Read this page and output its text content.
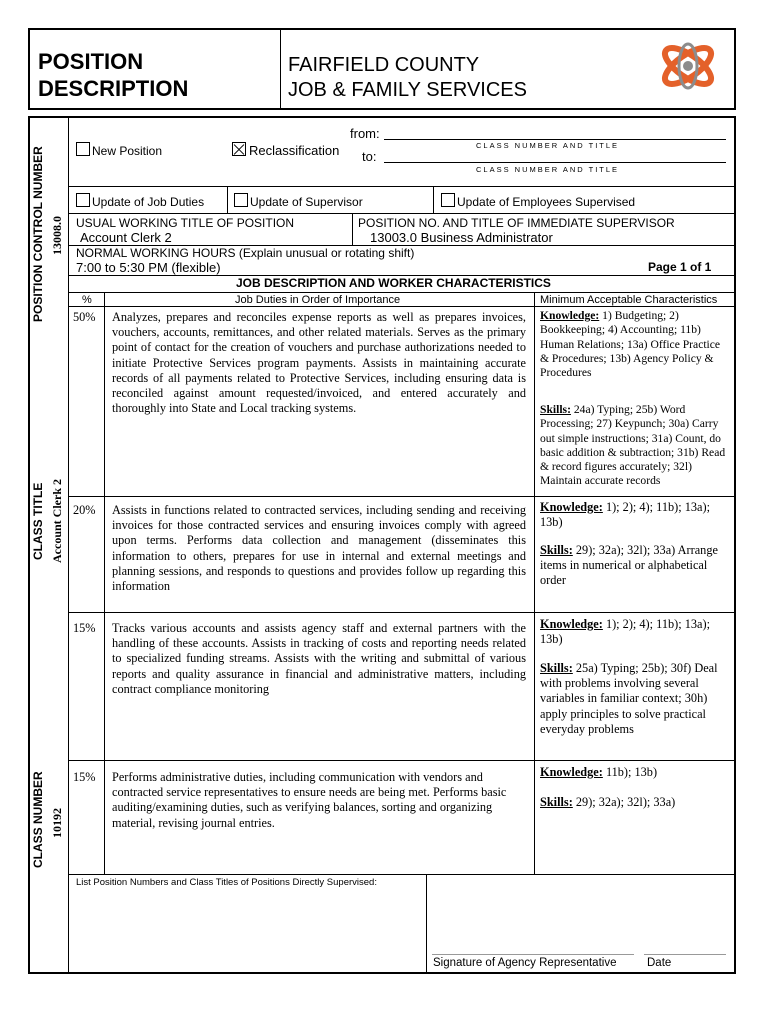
POSITION
DESCRIPTION
FAIRFIELD COUNTY
JOB & FAMILY SERVICES
POSITION CONTROL NUMBER 13008.0
CLASS TITLE Account Clerk 2
CLASS NUMBER 10192
New Position	Reclassification
from:
CLASS NUMBER AND TITLE
to:
CLASS NUMBER AND TITLE
Update of Job Duties	Update of Supervisor	Update of Employees Supervised
USUAL WORKING TITLE OF POSITION
Account Clerk 2
POSITION NO. AND TITLE OF IMMEDIATE SUPERVISOR
13003.0 Business Administrator
NORMAL WORKING HOURS (Explain unusual or rotating shift)
7:00 to 5:30 PM (flexible)	Page 1 of 1
JOB DESCRIPTION AND WORKER CHARACTERISTICS
%	Job Duties in Order of Importance	Minimum Acceptable Characteristics
50% Analyzes, prepares and reconciles expense reports as well as prepares invoices, vouchers, accounts, remittances, and other related materials. Serves as the primary point of contact for the creation of vouchers and purchase authorizations needed to initiate Protective Services program payments. Assists in maintaining accurate records of all payments related to Protective Services, including ensuring data is reconciled against amount requested/invoiced, and entered accurately and thoroughly into State and Local tracking systems.
Knowledge: 1) Budgeting; 2) Bookkeeping; 4) Accounting; 11b) Human Relations; 13a) Office Practice & Procedures; 13b) Agency Policy & Procedures
Skills: 24a) Typing; 25b) Word Processing; 27) Keypunch; 30a) Carry out simple instructions; 31a) Count, do basic addition & subtraction; 31b) Read & record figures accurately; 32l) Maintain accurate records
20% Assists in functions related to contracted services, including sending and receiving invoices for those contracted services and ensuring invoices comply with agreed upon terms. Performs data collection and management (disseminates this information to others, prepares for use in internal and external meetings and planning sessions, and responds to questions and provides follow up regarding this information
Knowledge: 1); 2); 4); 11b); 13a); 13b)
Skills: 29); 32a); 32l); 33a) Arrange items in numerical or alphabetical order
15% Tracks various accounts and assists agency staff and external partners with the handling of these accounts. Assists in tracking of costs and reporting needs related to specialized funding streams. Assists with the writing and submittal of various reports and quality assurance in financial and administrative matters, including contract compliance monitoring
Knowledge: 1); 2); 4); 11b); 13a); 13b)
Skills: 25a) Typing; 25b); 30f) Deal with problems involving several variables in familiar context; 30h) apply principles to solve practical everyday problems
15% Performs administrative duties, including communication with vendors and contracted service representatives to ensure needs are being met. Performs basic auditing/examining duties, such as verifying balances, sorting and organizing material, revising journal entries.
Knowledge: 11b); 13b)
Skills: 29); 32a); 32l); 33a)
List Position Numbers and Class Titles of Positions Directly Supervised:
Signature of Agency Representative	Date
